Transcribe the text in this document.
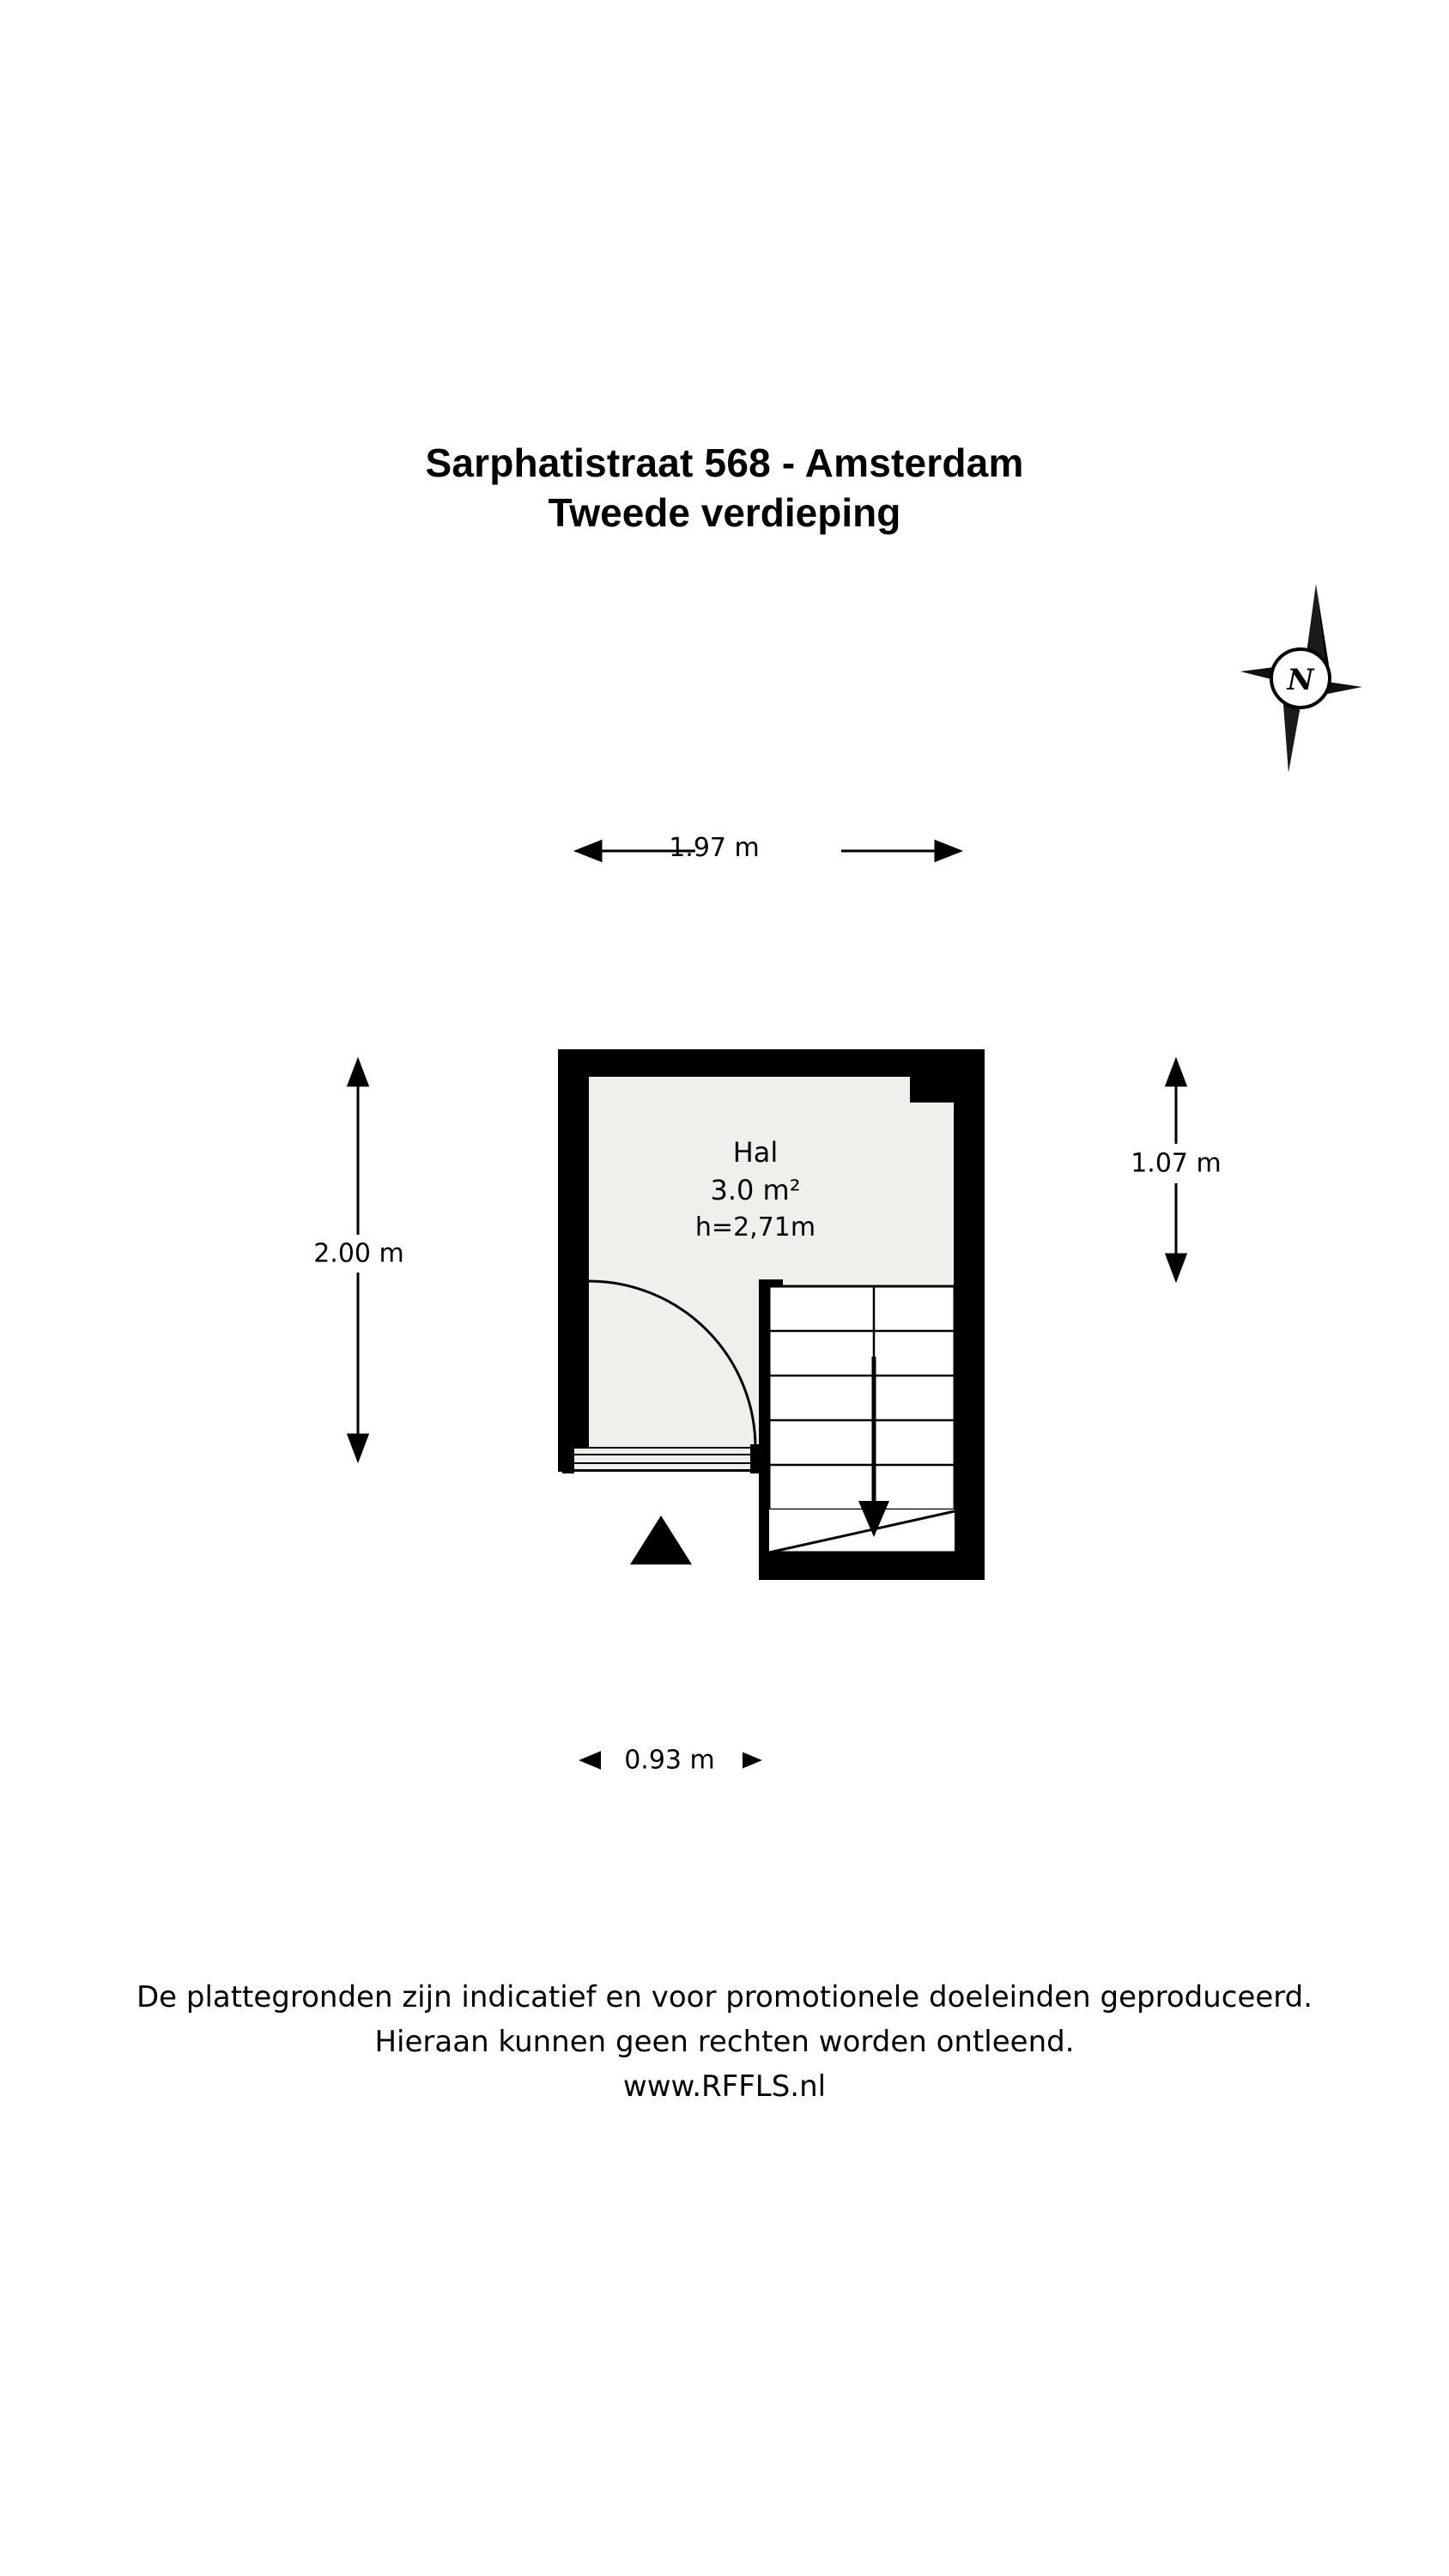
Sarphatistraat 568 - Amsterdam
Tweede verdieping
N
1.97 m
2.00 m
1.07 m
0.93 m
Hal
3.0 m²
h=2,71m
De plattegronden zijn indicatief en voor promotionele doeleinden geproduceerd.
Hieraan kunnen geen rechten worden ontleend.
www.RFFLS.nl
